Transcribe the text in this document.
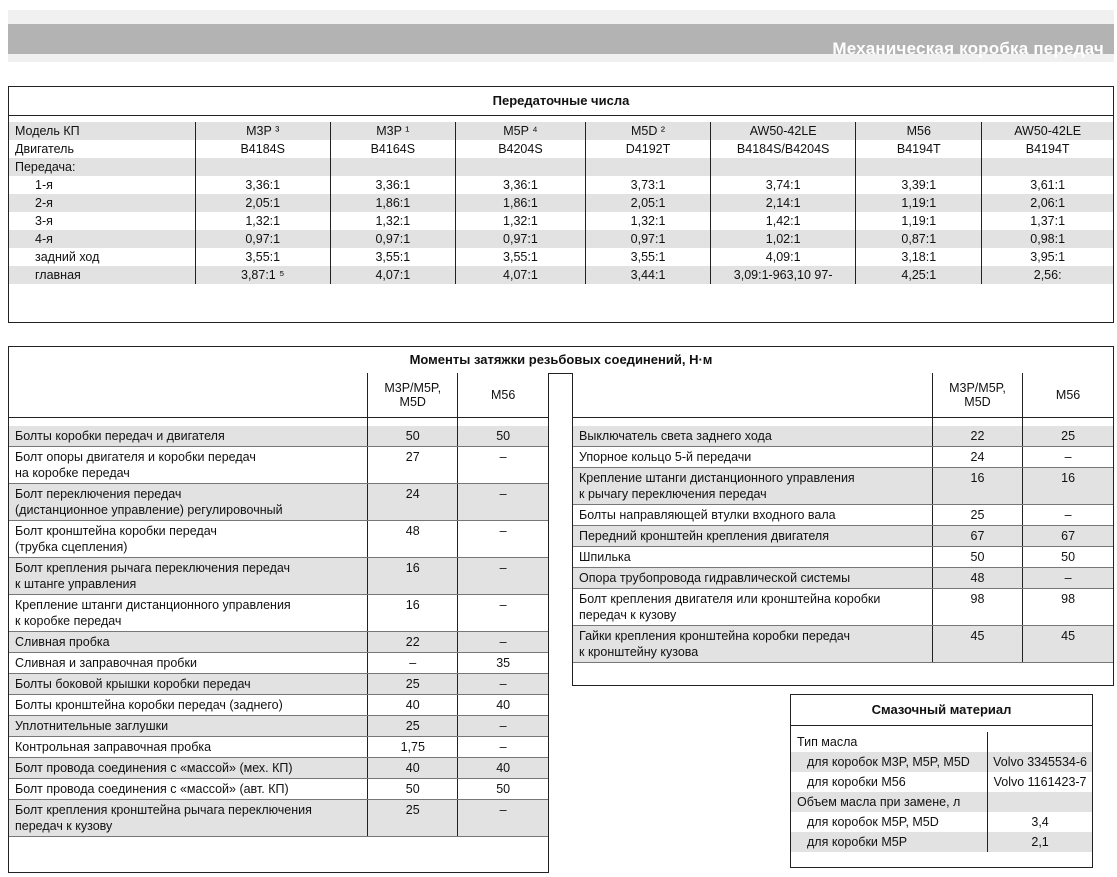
Механическая коробка передач
Передаточные числа
Модель КП	M3P ³	M3P ¹	M5P ⁴	M5D ²	AW50-42LE	M56	AW50-42LE
Двигатель	B4184S	B4164S	B4204S	D4192T	B4184S/B4204S	B4194T	B4194T
Передача:							
1-я	3,36:1	3,36:1	3,36:1	3,73:1	3,74:1	3,39:1	3,61:1
2-я	2,05:1	1,86:1	1,86:1	2,05:1	2,14:1	1,19:1	2,06:1
3-я	1,32:1	1,32:1	1,32:1	1,32:1	1,42:1	1,19:1	1,37:1
4-я	0,97:1	0,97:1	0,97:1	0,97:1	1,02:1	0,87:1	0,98:1
задний ход	3,55:1	3,55:1	3,55:1	3,55:1	4,09:1	3,18:1	3,95:1
главная	3,87:1 ⁵	4,07:1	4,07:1	3,44:1	3,09:1-963,10 97-	4,25:1	2,56:
Моменты затяжки резьбовых соединений, Н·м
	M3P/M5P,
M5D	M56

Болты коробки передач и двигателя	50	50
Болт опоры двигателя и коробки передач
на коробке передач	27	–
Болт переключения передач
(дистанционное управление) регулировочный	24	–
Болт кронштейна коробки передач
(трубка сцепления)	48	–
Болт крепления рычага переключения передач
к штанге управления	16	–
Крепление штанги дистанционного управления
к коробке передач	16	–
Сливная пробка	22	–
Сливная и заправочная пробки	–	35
Болты боковой крышки коробки передач	25	–
Болты кронштейна коробки передач (заднего)	40	40
Уплотнительные заглушки	25	–
Контрольная заправочная пробка	1,75	–
Болт провода соединения с «массой» (мех. КП)	40	40
Болт провода соединения с «массой» (авт. КП)	50	50
Болт крепления кронштейна рычага переключения
передач к кузову	25	–
	M3P/M5P,
M5D	M56

Выключатель света заднего хода	22	25
Упорное кольцо 5-й передачи	24	–
Крепление штанги дистанционного управления
к рычагу переключения передач	16	16
Болты направляющей втулки входного вала	25	–
Передний кронштейн крепления двигателя	67	67
Шпилька	50	50
Опора трубопровода гидравлической системы	48	–
Болт крепления двигателя или кронштейна коробки
передач к кузову	98	98
Гайки крепления кронштейна коробки передач
к кронштейну кузова	45	45
Смазочный материал
Тип масла	
для коробок M3P, M5P, M5D	Volvo 3345534-6
для коробки M56	Volvo 1161423-7
Объем масла при замене, л	
для коробок M5P, M5D	3,4
для коробки M5P	2,1
